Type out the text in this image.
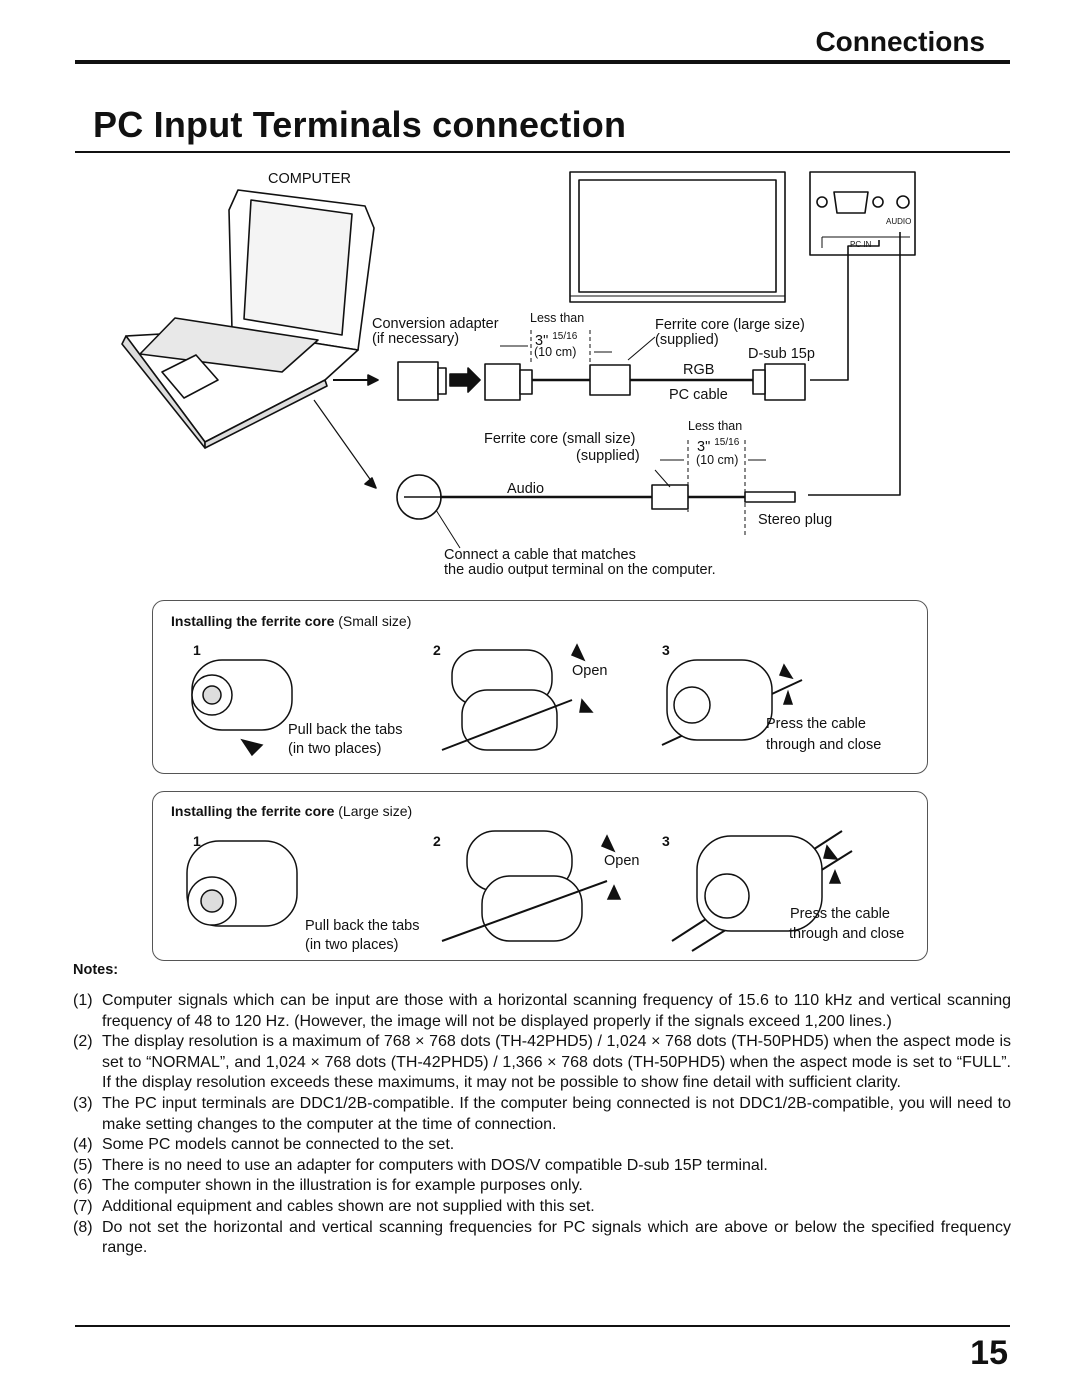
Connections
PC Input Terminals connection
COMPUTER
AUDIO
PC IN
Conversion adapter
(if necessary)
Less than
3" $^{15/16}$
(10 cm)
Ferrite core (large size)
(supplied)
D-sub 15p
RGB
PC cable
Less than
3" $^{15/16}$
(10 cm)
Ferrite core (small size)
(supplied)
Audio
Stereo plug
Connect a cable that matches
the audio output terminal on the computer.
Installing the ferrite core (Small size)
1	2	3
Open
Pull back the tabs
(in two places)
Press the cable
through and close
Installing the ferrite core (Large size)
1	2	3
Open
Pull back the tabs
(in two places)
Press the cable
through and close
Notes:
(1) Computer signals which can be input are those with a horizontal scanning frequency of 15.6 to 110 kHz and vertical scanning frequency of 48 to 120 Hz. (However, the image will not be displayed properly if the signals exceed 1,200 lines.)
(2) The display resolution is a maximum of 768 × 768 dots (TH-42PHD5) / 1,024 × 768 dots (TH-50PHD5) when the aspect mode is set to “NORMAL”, and 1,024 × 768 dots (TH-42PHD5) / 1,366 × 768 dots (TH-50PHD5) when the aspect mode is set to “FULL”. If the display resolution exceeds these maximums, it may not be possible to show fine detail with sufficient clarity.
(3) The PC input terminals are DDC1/2B-compatible. If the computer being connected is not DDC1/2B-compatible, you will need to make setting changes to the computer at the time of connection.
(4) Some PC models cannot be connected to the set.
(5) There is no need to use an adapter for computers with DOS/V compatible D-sub 15P terminal.
(6) The computer shown in the illustration is for example purposes only.
(7) Additional equipment and cables shown are not supplied with this set.
(8) Do not set the horizontal and vertical scanning frequencies for PC signals which are above or below the specified frequency range.
15
